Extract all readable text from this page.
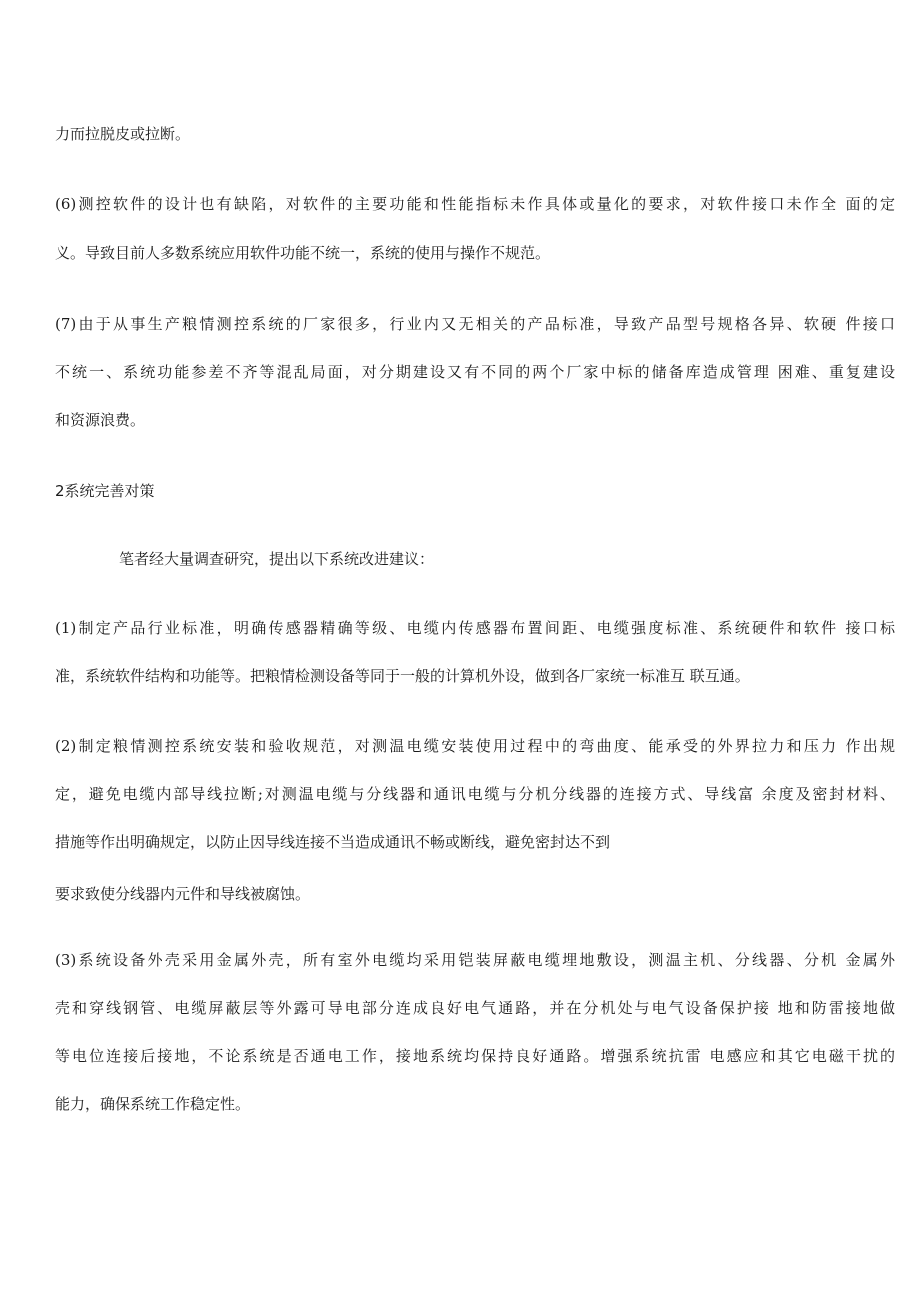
力而拉脱皮或拉断。
(6)测控软件的设计也有缺陷，对软件的主要功能和性能指标未作具体或量化的要求，对软件接口未作全 面的定
义。导致目前人多数系统应用软件功能不统一，系统的使用与操作不规范。
(7)由于从事生产粮情测控系统的厂家很多，行业内又无相关的产品标准，导致产品型号规格各异、软硬 件接口
不统一、系统功能参差不齐等混乱局面，对分期建设又有不同的两个厂家中标的储备库造成管理 困难、重复建设
和资源浪费。
2系统完善对策
笔者经大量调查研究，提出以下系统改进建议：
(1)制定产品行业标准，明确传感器精确等级、电缆内传感器布置间距、电缆强度标准、系统硬件和软件 接口标
准，系统软件结构和功能等。把粮情检测设备等同于一般的计算机外设，做到各厂家统一标准互 联互通。
(2)制定粮情测控系统安装和验收规范，对测温电缆安装使用过程中的弯曲度、能承受的外界拉力和压力 作出规
定，避免电缆内部导线拉断;对测温电缆与分线器和通讯电缆与分机分线器的连接方式、导线富 余度及密封材料、
措施等作出明确规定，以防止因导线连接不当造成通讯不畅或断线，避免密封达不到
要求致使分线器内元件和导线被腐蚀。
(3)系统设备外壳采用金属外壳，所有室外电缆均采用铠装屏蔽电缆埋地敷设，测温主机、分线器、分机 金属外
壳和穿线钢管、电缆屏蔽层等外露可导电部分连成良好电气通路，并在分机处与电气设备保护接 地和防雷接地做
等电位连接后接地，不论系统是否通电工作，接地系统均保持良好通路。增强系统抗雷 电感应和其它电磁干扰的
能力，确保系统工作稳定性。
